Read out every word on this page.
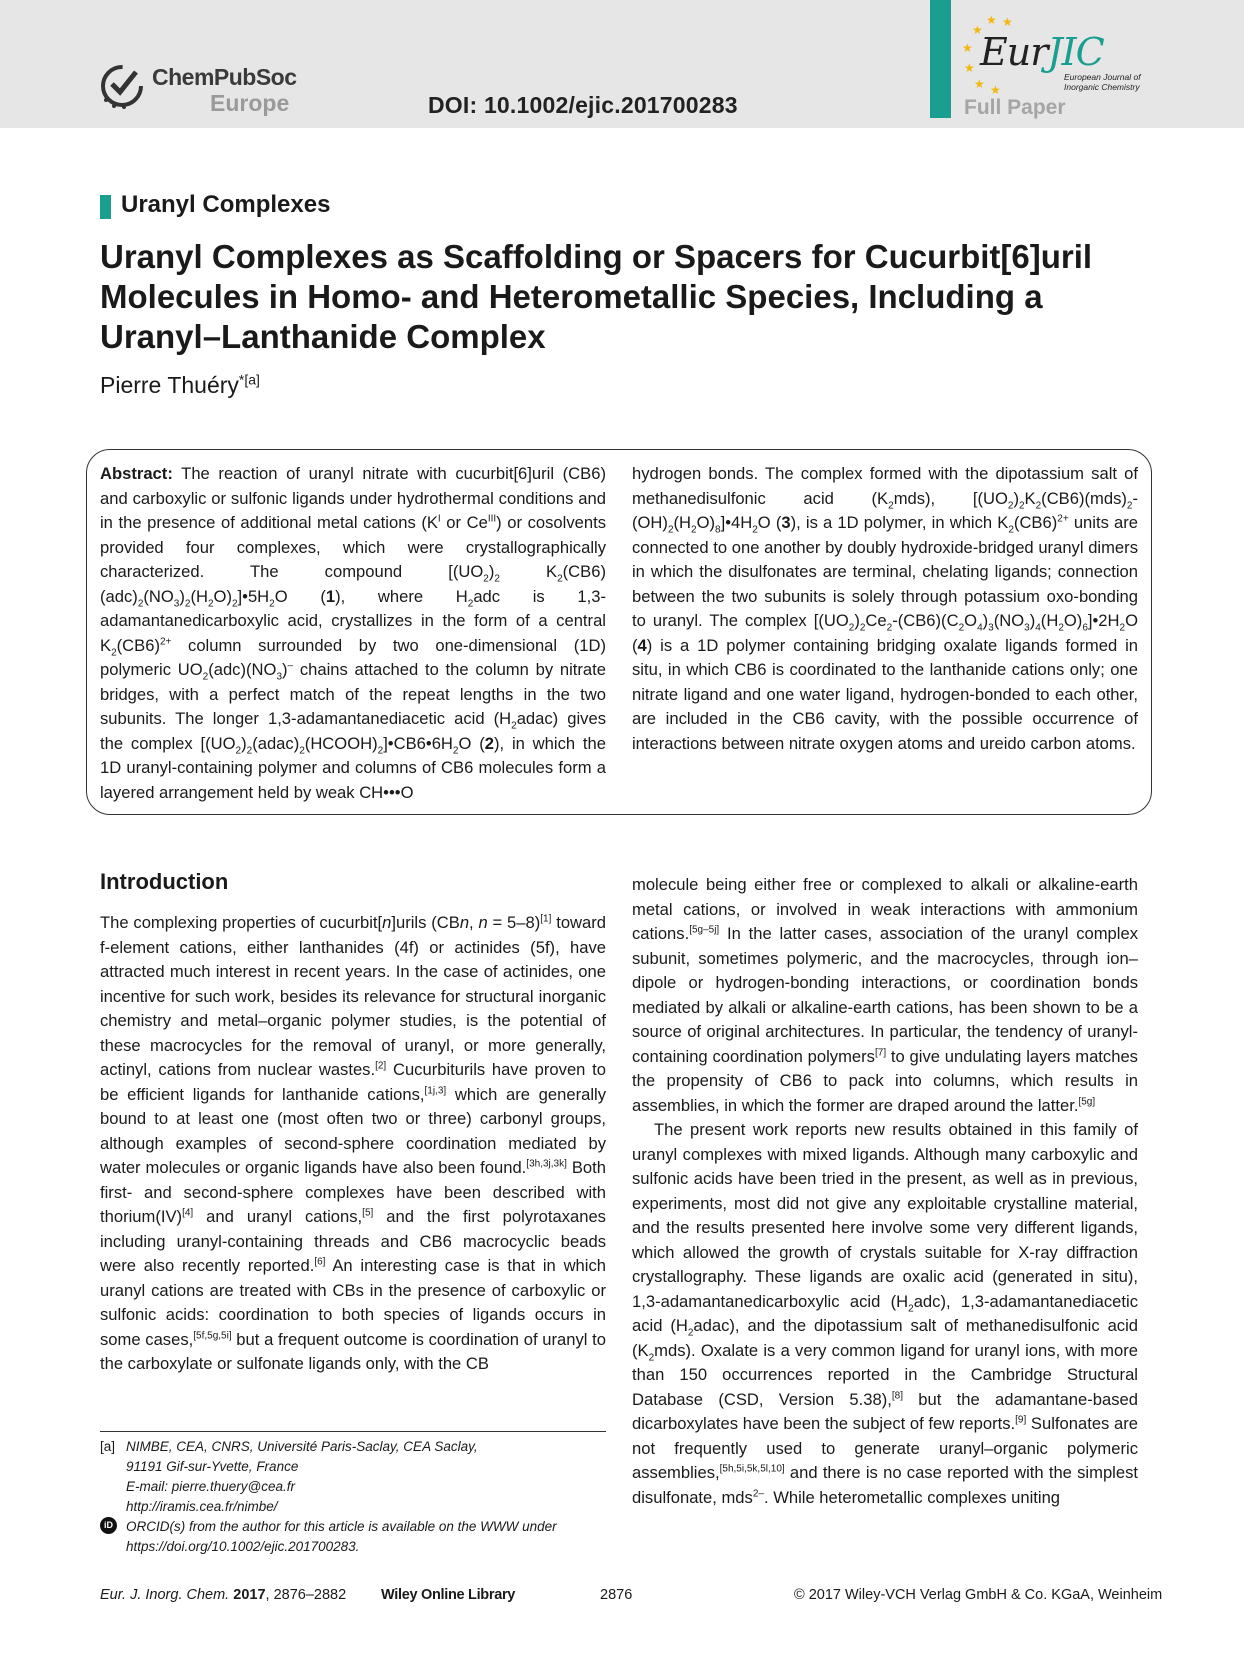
ChemPubSoc
Europe	DOI: 10.1002/ejic.201700283
★ ★
★
★
★
★ ★
EurJIC
European Journal of Inorganic Chemistry
Full Paper
Uranyl Complexes
Uranyl Complexes as Scaffolding or Spacers for Cucurbit[6]uril Molecules in Homo- and Heterometallic Species, Including a Uranyl–Lanthanide Complex
Pierre Thuéry$^{*[a]}$
Abstract: The reaction of uranyl nitrate with cucurbit[6]uril (CB6) and carboxylic or sulfonic ligands under hydrothermal conditions and in the presence of additional metal cations ($K^I$ or $Ce^{III}$) or cosolvents provided four complexes, which were crystallographically characterized. The compound [$(UO_2)_2$ $K_2(CB6)(adc)_2(NO_3)_2(H_2O)_2]•5H_2O$ (1), where $H_2adc$ is 1,3-adamantanedicarboxylic acid, crystallizes in the form of a central $K_2(CB6)^{2+}$ column surrounded by two one-dimensional (1D) polymeric $UO_2(adc)(NO_3)^-$ chains attached to the column by nitrate bridges, with a perfect match of the repeat lengths in the two subunits. The longer 1,3-adamantanediacetic acid $(H_2adac)$ gives the complex $[(UO_2)_2(adac)_2(HCOOH)_2]•CB6•6H_2O$ (2), in which the 1D uranyl-containing polymer and columns of CB6 molecules form a layered arrangement held by weak CH•••O
hydrogen bonds. The complex formed with the dipotassium salt of methanedisulfonic acid $(K_2mds)$, $[(UO_2)_2K_2(CB6)(mds)_2-(OH)_2(H_2O)_8]•4H_2O$ (3), is a 1D polymer, in which $K_2(CB6)^{2+}$ units are connected to one another by doubly hydroxide-bridged uranyl dimers in which the disulfonates are terminal, chelating ligands; connection between the two subunits is solely through potassium oxo-bonding to uranyl. The complex $[(UO_2)_2Ce_2-(CB6)(C_2O_4)_3(NO_3)_4(H_2O)_6]•2H_2O$ (4) is a 1D polymer containing bridging oxalate ligands formed in situ, in which CB6 is coordinated to the lanthanide cations only; one nitrate ligand and one water ligand, hydrogen-bonded to each other, are included in the CB6 cavity, with the possible occurrence of interactions between nitrate oxygen atoms and ureido carbon atoms.
Introduction

The complexing properties of cucurbit[n]urils (CBn, n = 5–8)[1] toward f-element cations, either lanthanides (4f) or actinides (5f), have attracted much interest in recent years. In the case of actinides, one incentive for such work, besides its relevance for structural inorganic chemistry and metal–organic polymer studies, is the potential of these macrocycles for the removal of uranyl, or more generally, actinyl, cations from nuclear wastes.[2] Cucurbiturils have proven to be efficient ligands for lanthanide cations,[1j,3] which are generally bound to at least one (most often two or three) carbonyl groups, although examples of second-sphere coordination mediated by water molecules or organic ligands have also been found.[3h,3j,3k] Both first- and second-sphere complexes have been described with thorium(IV)[4] and uranyl cations,[5] and the first polyrotaxanes including uranyl-containing threads and CB6 macrocyclic beads were also recently reported.[6] An interesting case is that in which uranyl cations are treated with CBs in the presence of carboxylic or sulfonic acids: coordination to both species of ligands occurs in some cases,[5f,5g,5i] but a frequent outcome is coordination of uranyl to the carboxylate or sulfonate ligands only, with the CB

molecule being either free or complexed to alkali or alkaline-earth metal cations, or involved in weak interactions with ammonium cations.[5g–5j] In the latter cases, association of the uranyl complex subunit, sometimes polymeric, and the macrocycles, through ion–dipole or hydrogen-bonding interactions, or coordination bonds mediated by alkali or alkaline-earth cations, has been shown to be a source of original architectures. In particular, the tendency of uranyl-containing coordination polymers[7] to give undulating layers matches the propensity of CB6 to pack into columns, which results in assemblies, in which the former are draped around the latter.[5g]

The present work reports new results obtained in this family of uranyl complexes with mixed ligands. Although many carboxylic and sulfonic acids have been tried in the present, as well as in previous, experiments, most did not give any exploitable crystalline material, and the results presented here involve some very different ligands, which allowed the growth of crystals suitable for X-ray diffraction crystallography. These ligands are oxalic acid (generated in situ), 1,3-adamantanedicarboxylic acid $(H_2adc)$, 1,3-adamantanediacetic acid $(H_2adac)$, and the dipotassium salt of methanedisulfonic acid $(K_2mds)$. Oxalate is a very common ligand for uranyl ions, with more than 150 occurrences reported in the Cambridge Structural Database (CSD, Version 5.38),[8] but the adamantane-based dicarboxylates have been the subject of few reports.[9] Sulfonates are not frequently used to generate uranyl–organic polymeric assemblies,[5h,5i,5k,5l,10] and there is no case reported with the simplest disulfonate, mds$^{2-}$. While heterometallic complexes uniting

[a] NIMBE, CEA, CNRS, Université Paris-Saclay, CEA Saclay,
91191 Gif-sur-Yvette, France
E-mail: pierre.thuery@cea.fr
http://iramis.cea.fr/nimbe/
iD ORCID(s) from the author for this article is available on the WWW under https://doi.org/10.1002/ejic.201700283.
Eur. J. Inorg. Chem. 2017, 2876–2882 Wiley Online Library	2876	© 2017 Wiley-VCH Verlag GmbH & Co. KGaA, Weinheim
